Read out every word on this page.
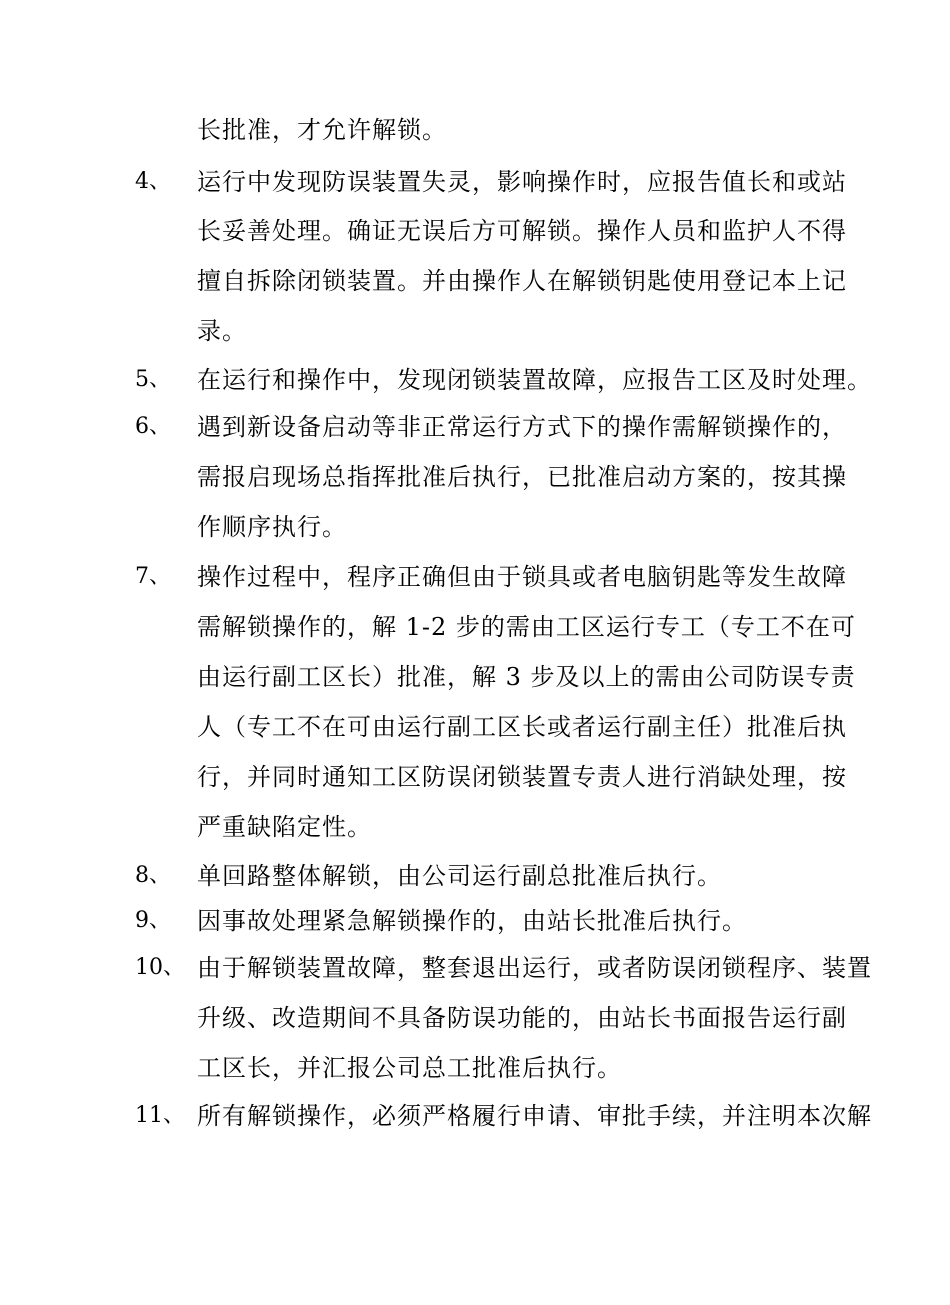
长批准，才允许解锁。
4、 运行中发现防误装置失灵，影响操作时，应报告值长和或站
长妥善处理。确证无误后方可解锁。操作人员和监护人不得
擅自拆除闭锁装置。并由操作人在解锁钥匙使用登记本上记
录。
5、 在运行和操作中，发现闭锁装置故障，应报告工区及时处理。
6、 遇到新设备启动等非正常运行方式下的操作需解锁操作的，
需报启现场总指挥批准后执行，已批准启动方案的，按其操
作顺序执行。
7、 操作过程中，程序正确但由于锁具或者电脑钥匙等发生故障
需解锁操作的，解 1-2 步的需由工区运行专工（专工不在可
由运行副工区长）批准，解 3 步及以上的需由公司防误专责
人（专工不在可由运行副工区长或者运行副主任）批准后执
行，并同时通知工区防误闭锁装置专责人进行消缺处理，按
严重缺陷定性。
8、 单回路整体解锁，由公司运行副总批准后执行。
9、 因事故处理紧急解锁操作的，由站长批准后执行。
10、 由于解锁装置故障，整套退出运行，或者防误闭锁程序、装置
升级、改造期间不具备防误功能的，由站长书面报告运行副
工区长，并汇报公司总工批准后执行。
11、 所有解锁操作，必须严格履行申请、审批手续，并注明本次解
